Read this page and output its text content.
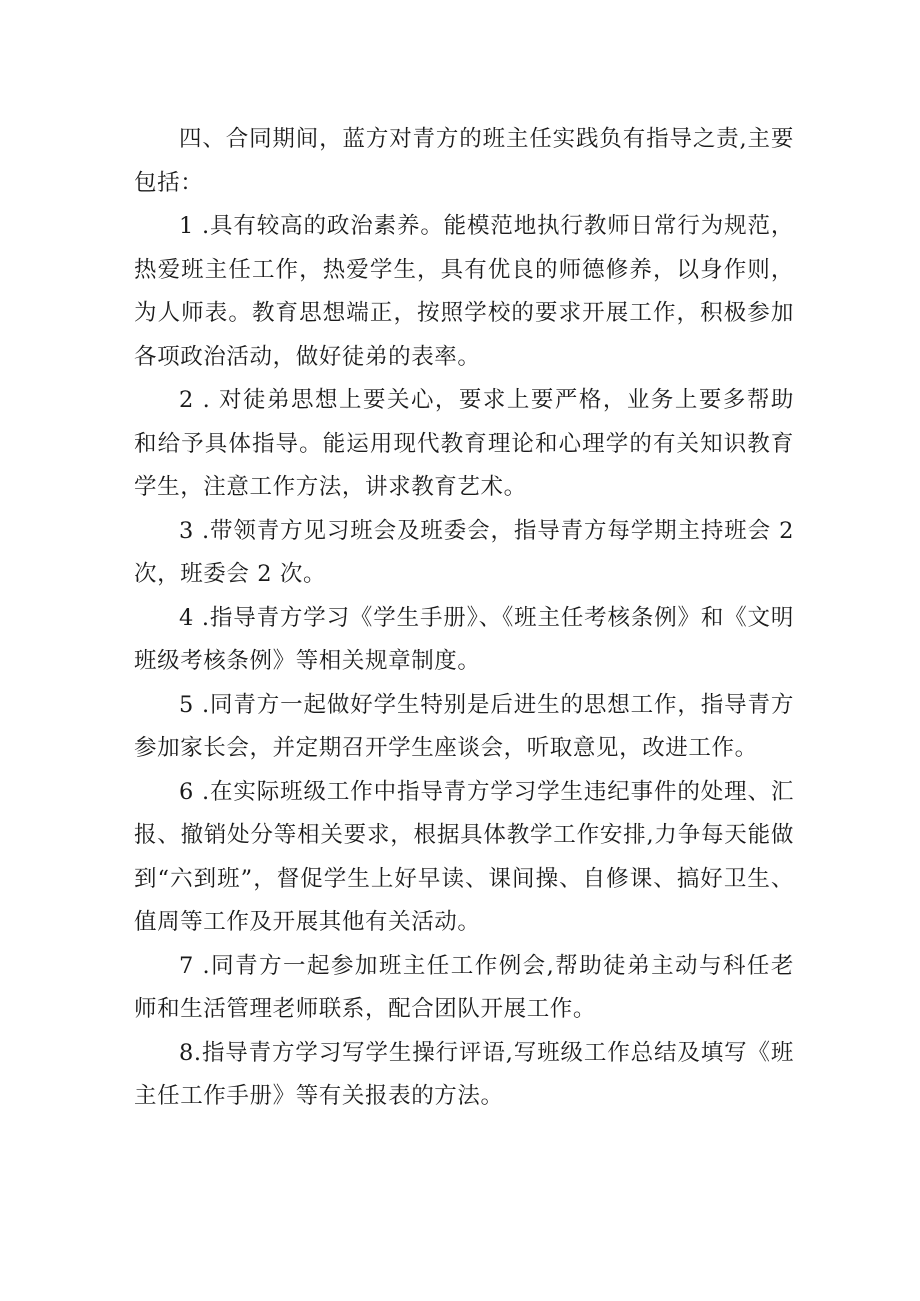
四、合同期间，蓝方对青方的班主任实践负有指导之责,主要包括：

1 .具有较高的政治素养。能模范地执行教师日常行为规范，热爱班主任工作，热爱学生，具有优良的师德修养，以身作则，为人师表。教育思想端正，按照学校的要求开展工作，积极参加各项政治活动，做好徒弟的表率。

2 . 对徒弟思想上要关心，要求上要严格，业务上要多帮助和给予具体指导。能运用现代教育理论和心理学的有关知识教育学生，注意工作方法，讲求教育艺术。

3 .带领青方见习班会及班委会，指导青方每学期主持班会 2次，班委会 2 次。

4 .指导青方学习《学生手册》、《班主任考核条例》和《文明班级考核条例》等相关规章制度。

5 .同青方一起做好学生特别是后进生的思想工作，指导青方参加家长会，并定期召开学生座谈会，听取意见，改进工作。

6 .在实际班级工作中指导青方学习学生违纪事件的处理、汇报、撤销处分等相关要求，根据具体教学工作安排,力争每天能做到“六到班”，督促学生上好早读、课间操、自修课、搞好卫生、值周等工作及开展其他有关活动。

7 .同青方一起参加班主任工作例会,帮助徒弟主动与科任老师和生活管理老师联系，配合团队开展工作。

8.指导青方学习写学生操行评语,写班级工作总结及填写《班主任工作手册》等有关报表的方法。
